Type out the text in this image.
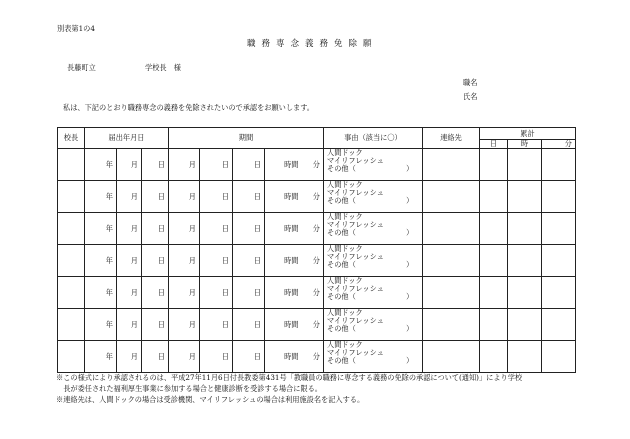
別表第1の4
職務専念義務免除願
長藤町立	学校長　様
職名
氏名
私は、下記のとおり職務専念の義務を免除されたいので承認をお願いします。
校長	届出年月日			期間					事由（該当に〇）	連絡先	累計		
											日	時	分
	年	月	日	月	日	日	時間	分	人間ドック
マイリフレッシュ
その他（　　　　　　　）				

	年	月	日	月	日	日	時間	分	人間ドック
マイリフレッシュ
その他（　　　　　　　）				

	年	月	日	月	日	日	時間	分	人間ドック
マイリフレッシュ
その他（　　　　　　　）				

	年	月	日	月	日	日	時間	分	人間ドック
マイリフレッシュ
その他（　　　　　　　）				

	年	月	日	月	日	日	時間	分	人間ドック
マイリフレッシュ
その他（　　　　　　　）				

	年	月	日	月	日	日	時間	分	人間ドック
マイリフレッシュ
その他（　　　　　　　）				

	年	月	日	月	日	日	時間	分	人間ドック
マイリフレッシュ
その他（　　　　　　　）				

※この様式により承認されるのは、平成27年11月6日付長教委第431号「教職員の職務に専念する義務の免除の承認について(通知)」により学校
　長が委任された福利厚生事業に参加する場合と健康診断を受診する場合に限る。
※連絡先は、人間ドックの場合は受診機関、マイリフレッシュの場合は利用施設名を記入する。
